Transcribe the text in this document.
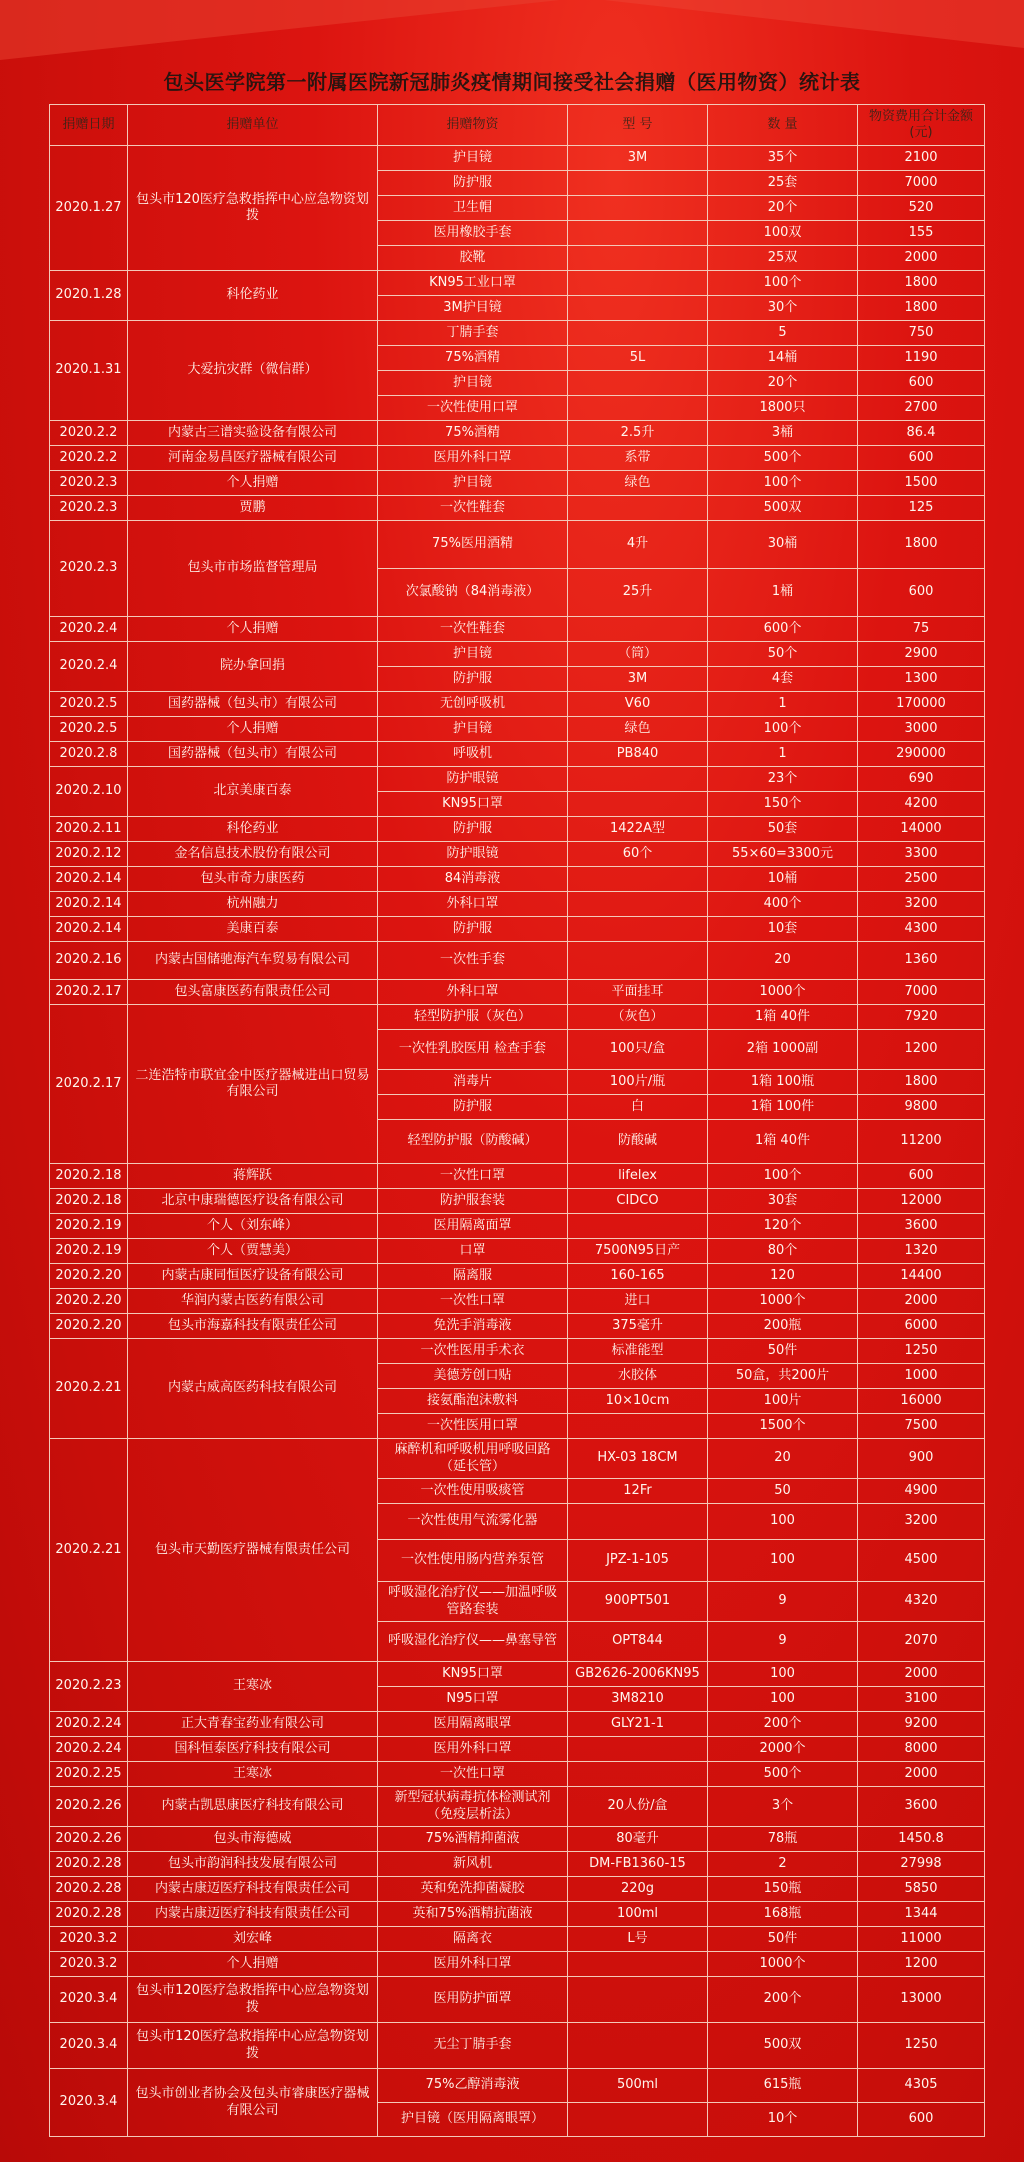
包头医学院第一附属医院新冠肺炎疫情期间接受社会捐赠（医用物资）统计表
捐赠日期	捐赠单位	捐赠物资	型 号	数 量	物资费用合计金额(元)
2020.1.27	包头市120医疗急救指挥中心应急物资划拨	护目镜	3M	35个	2100
		防护服		25套	7000
		卫生帽		20个	520
		医用橡胶手套		100双	155
		胶靴		25双	2000
2020.1.28	科伦药业	KN95工业口罩		100个	1800
		3M护目镜		30个	1800
2020.1.31	大爱抗灾群（微信群）	丁腈手套		5	750
		75%酒精	5L	14桶	1190
		护目镜		20个	600
		一次性使用口罩		1800只	2700
2020.2.2	内蒙古三谱实验设备有限公司	75%酒精	2.5升	3桶	86.4
2020.2.2	河南金易昌医疗器械有限公司	医用外科口罩	系带	500个	600
2020.2.3	个人捐赠	护目镜	绿色	100个	1500
2020.2.3	贾鹏	一次性鞋套		500双	125
2020.2.3	包头市市场监督管理局	75%医用酒精	4升	30桶	1800
		次氯酸钠（84消毒液）	25升	1桶	600
2020.2.4	个人捐赠	一次性鞋套		600个	75
2020.2.4	院办拿回捐	护目镜	（筒）	50个	2900
		防护服	3M	4套	1300
2020.2.5	国药器械（包头市）有限公司	无创呼吸机	V60	1	170000
2020.2.5	个人捐赠	护目镜	绿色	100个	3000
2020.2.8	国药器械（包头市）有限公司	呼吸机	PB840	1	290000
2020.2.10	北京美康百泰	防护眼镜		23个	690
		KN95口罩		150个	4200
2020.2.11	科伦药业	防护服	1422A型	50套	14000
2020.2.12	金名信息技术股份有限公司	防护眼镜	60个	55×60=3300元	3300
2020.2.14	包头市奇力康医药	84消毒液		10桶	2500
2020.2.14	杭州融力	外科口罩		400个	3200
2020.2.14	美康百泰	防护服		10套	4300
2020.2.16	内蒙古国储驰海汽车贸易有限公司	一次性手套		20	1360
2020.2.17	包头富康医药有限责任公司	外科口罩	平面挂耳	1000个	7000
2020.2.17	二连浩特市联宜金中医疗器械进出口贸易有限公司	轻型防护服（灰色）	（灰色）	1箱 40件	7920
		一次性乳胶医用 检查手套	100只/盒	2箱 1000副	1200
		消毒片	100片/瓶	1箱 100瓶	1800
		防护服	白	1箱 100件	9800
		轻型防护服（防酸碱）	防酸碱	1箱 40件	11200
2020.2.18	蒋辉跃	一次性口罩	lifelex	100个	600
2020.2.18	北京中康瑞德医疗设备有限公司	防护服套装	CIDCO	30套	12000
2020.2.19	个人（刘东峰）	医用隔离面罩		120个	3600
2020.2.19	个人（贾慧美）	口罩	7500N95日产	80个	1320
2020.2.20	内蒙古康同恒医疗设备有限公司	隔离服	160-165	120	14400
2020.2.20	华润内蒙古医药有限公司	一次性口罩	进口	1000个	2000
2020.2.20	包头市海嘉科技有限责任公司	免洗手消毒液	375毫升	200瓶	6000
2020.2.21	内蒙古威高医药科技有限公司	一次性医用手术衣	标准能型	50件	1250
		美德芳创口贴	水胶体	50盒，共200片	1000
		接氨酯泡沫敷料	10×10cm	100片	16000
		一次性医用口罩		1500个	7500
2020.2.21	包头市天勤医疗器械有限责任公司	麻醉机和呼吸机用呼吸回路（延长管）	HX-03 18CM	20	900
		一次性使用吸痰管	12Fr	50	4900
		一次性使用气流雾化器		100	3200
		一次性使用肠内营养泵管	JPZ-1-105	100	4500
		呼吸湿化治疗仪——加温呼吸管路套装	900PT501	9	4320
		呼吸湿化治疗仪——鼻塞导管	OPT844	9	2070
2020.2.23	王寒冰	KN95口罩	GB2626-2006KN95	100	2000
		N95口罩	3M8210	100	3100
2020.2.24	正大青春宝药业有限公司	医用隔离眼罩	GLY21-1	200个	9200
2020.2.24	国科恒泰医疗科技有限公司	医用外科口罩		2000个	8000
2020.2.25	王寒冰	一次性口罩		500个	2000
2020.2.26	内蒙古凯思康医疗科技有限公司	新型冠状病毒抗体检测试剂（免疫层析法）	20人份/盒	3个	3600
2020.2.26	包头市海德威	75%酒精抑菌液	80毫升	78瓶	1450.8
2020.2.28	包头市韵润科技发展有限公司	新风机	DM-FB1360-15	2	27998
2020.2.28	内蒙古康迈医疗科技有限责任公司	英和免洗抑菌凝胶	220g	150瓶	5850
2020.2.28	内蒙古康迈医疗科技有限责任公司	英和75%酒精抗菌液	100ml	168瓶	1344
2020.3.2	刘宏峰	隔离衣	L号	50件	11000
2020.3.2	个人捐赠	医用外科口罩		1000个	1200
2020.3.4	包头市120医疗急救指挥中心应急物资划拨	医用防护面罩		200个	13000
2020.3.4	包头市120医疗急救指挥中心应急物资划拨	无尘丁腈手套		500双	1250
2020.3.4	包头市创业者协会及包头市睿康医疗器械有限公司	75%乙醇消毒液	500ml	615瓶	4305
		护目镜（医用隔离眼罩）		10个	600
